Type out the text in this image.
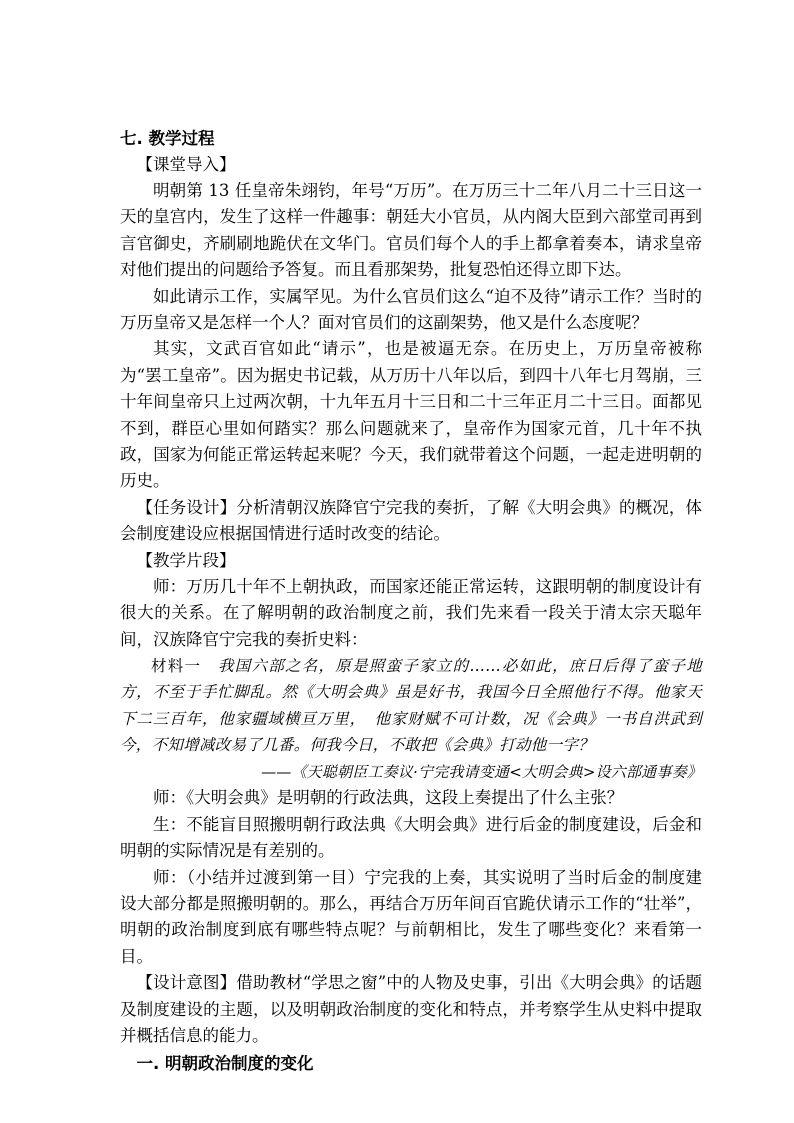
七. 教学过程

【课堂导入】

明朝第 13 任皇帝朱翊钧，年号“万历”。在万历三十二年八月二十三日这一天的皇宫内，发生了这样一件趣事：朝廷大小官员，从内阁大臣到六部堂司再到言官御史，齐刷刷地跪伏在文华门。官员们每个人的手上都拿着奏本，请求皇帝对他们提出的问题给予答复。而且看那架势，批复恐怕还得立即下达。

如此请示工作，实属罕见。为什么官员们这么“迫不及待”请示工作？当时的万历皇帝又是怎样一个人？面对官员们的这副架势，他又是什么态度呢？

其实，文武百官如此“请示”，也是被逼无奈。在历史上，万历皇帝被称为“罢工皇帝”。因为据史书记载，从万历十八年以后，到四十八年七月驾崩，三十年间皇帝只上过两次朝，十九年五月十三日和二十三年正月二十三日。面都见不到，群臣心里如何踏实？那么问题就来了，皇帝作为国家元首，几十年不执政，国家为何能正常运转起来呢？今天，我们就带着这个问题，一起走进明朝的历史。

【任务设计】分析清朝汉族降官宁完我的奏折，了解《大明会典》的概况，体会制度建设应根据国情进行适时改变的结论。

【教学片段】

师：万历几十年不上朝执政，而国家还能正常运转，这跟明朝的制度设计有很大的关系。在了解明朝的政治制度之前，我们先来看一段关于清太宗天聪年间，汉族降官宁完我的奏折史料：

材料一　 我国六部之名，原是照蛮子家立的……必如此，庶日后得了蛮子地方，不至于手忙脚乱。然《大明会典》虽是好书，我国今日全照他行不得。他家天下二三百年，他家疆域横亘万里，　他家财赋不可计数，况《会典》一书自洪武到今，不知增减改易了几番。何我今日，不敢把《会典》打动他一字？

——《天聪朝臣工奏议·宁完我请变通<大明会典>设六部通事奏》

师：《大明会典》是明朝的行政法典，这段上奏提出了什么主张？

生：不能盲目照搬明朝行政法典《大明会典》进行后金的制度建设，后金和明朝的实际情况是有差别的。

师：（小结并过渡到第一目）宁完我的上奏，其实说明了当时后金的制度建设大部分都是照搬明朝的。那么，再结合万历年间百官跪伏请示工作的“壮举”，明朝的政治制度到底有哪些特点呢？与前朝相比，发生了哪些变化？来看第一目。

【设计意图】借助教材“学思之窗”中的人物及史事，引出《大明会典》的话题及制度建设的主题，以及明朝政治制度的变化和特点，并考察学生从史料中提取并概括信息的能力。

一. 明朝政治制度的变化
